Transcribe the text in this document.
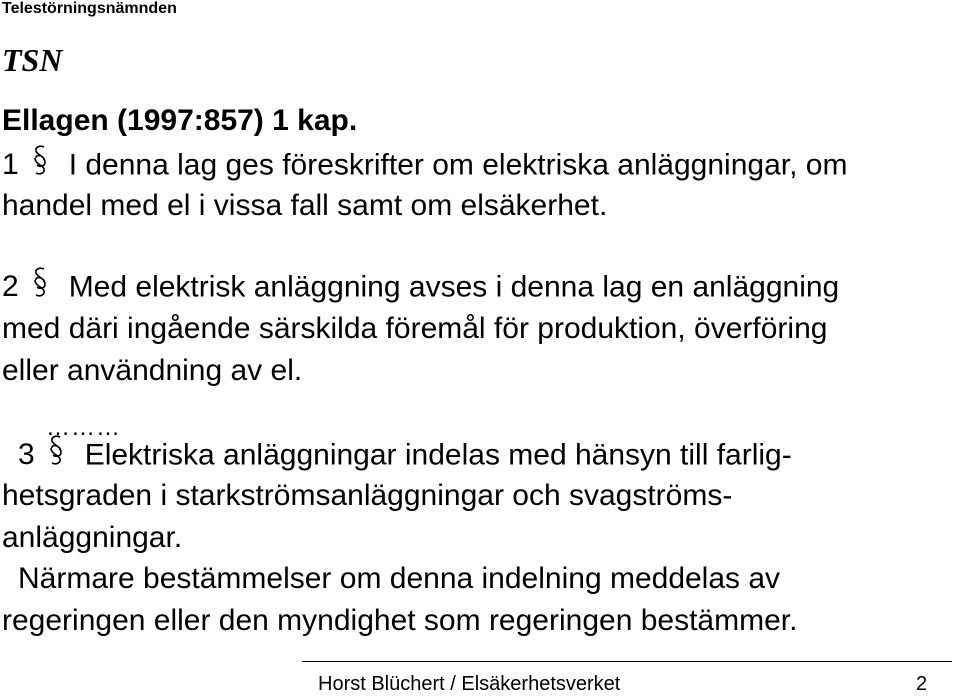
Telestörningsnämnden
TSN
Ellagen (1997:857) 1 kap.
1 I denna lag ges föreskrifter om elektriska anläggningar, om
handel med el i vissa fall samt om elsäkerhet.
2 Med elektrisk anläggning avses i denna lag en anläggning
med däri ingående särskilda föremål för produktion, överföring
eller användning av el.
………
3 Elektriska anläggningar indelas med hänsyn till farlig-
hetsgraden i starkströmsanläggningar och svagströms-
anläggningar.
Närmare bestämmelser om denna indelning meddelas av
regeringen eller den myndighet som regeringen bestämmer.
Horst Blüchert / Elsäkerhetsverket	2
